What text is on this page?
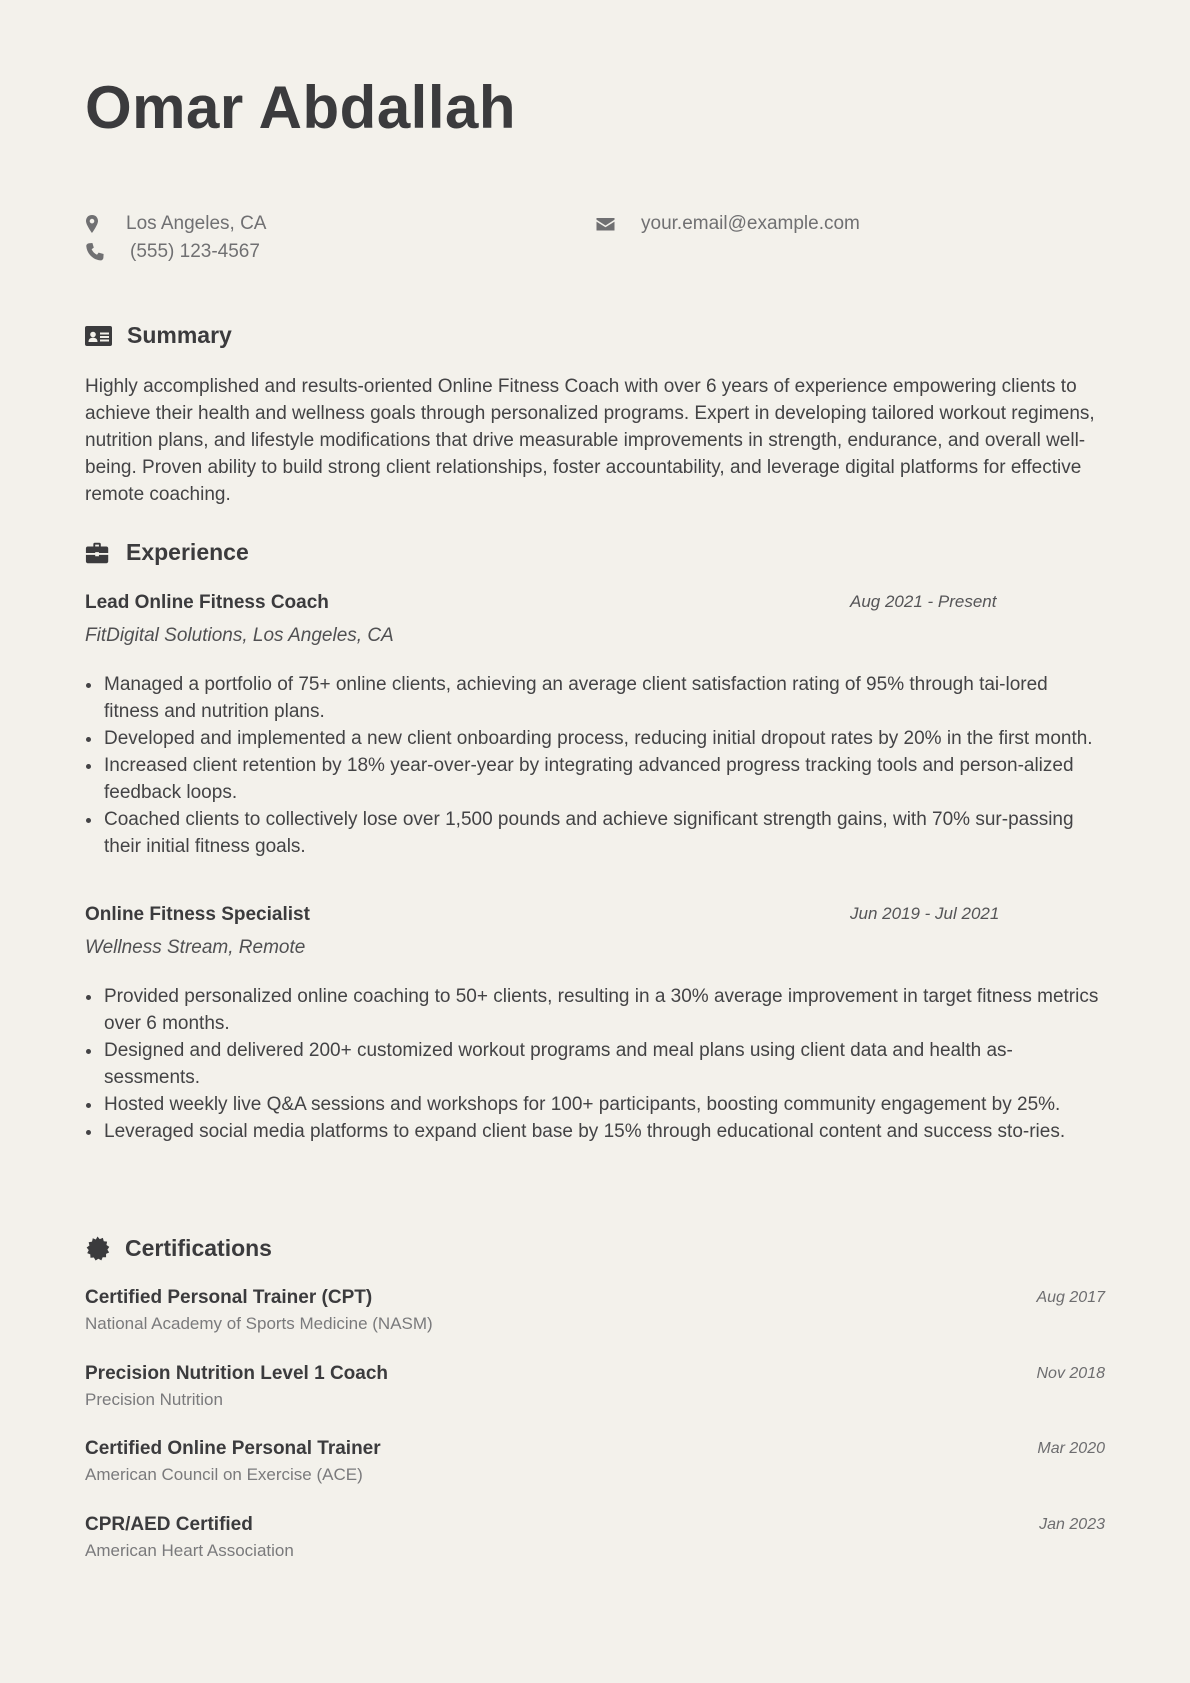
Omar Abdallah
Los Angeles, CA
(555) 123-4567
your.email@example.com
Summary

Highly accomplished and results-oriented Online Fitness Coach with over 6 years of experience empowering clients to achieve their health and wellness goals through personalized programs. Expert in developing tailored workout regimens, nutrition plans, and lifestyle modifications that drive measurable improvements in strength, endurance, and overall well-being. Proven ability to build strong client relationships, foster accountability, and leverage digital platforms for effective remote coaching.

Experience
Lead Online Fitness Coach	Aug 2021 - Present
FitDigital Solutions, Los Angeles, CA
Managed a portfolio of 75+ online clients, achieving an average client satisfaction rating of 95% through tai-lored fitness and nutrition plans.
Developed and implemented a new client onboarding process, reducing initial dropout rates by 20% in the first month.
Increased client retention by 18% year-over-year by integrating advanced progress tracking tools and person-alized feedback loops.
Coached clients to collectively lose over 1,500 pounds and achieve significant strength gains, with 70% sur-passing their initial fitness goals.
Online Fitness Specialist	Jun 2019 - Jul 2021
Wellness Stream, Remote
Provided personalized online coaching to 50+ clients, resulting in a 30% average improvement in target fitness metrics over 6 months.
Designed and delivered 200+ customized workout programs and meal plans using client data and health as-sessments.
Hosted weekly live Q&A sessions and workshops for 100+ participants, boosting community engagement by 25%.
Leveraged social media platforms to expand client base by 15% through educational content and success sto-ries.
Certifications
Certified Personal Trainer (CPT)
National Academy of Sports Medicine (NASM)
Aug 2017
Precision Nutrition Level 1 Coach
Precision Nutrition
Nov 2018
Certified Online Personal Trainer
American Council on Exercise (ACE)
Mar 2020
CPR/AED Certified
American Heart Association
Jan 2023
